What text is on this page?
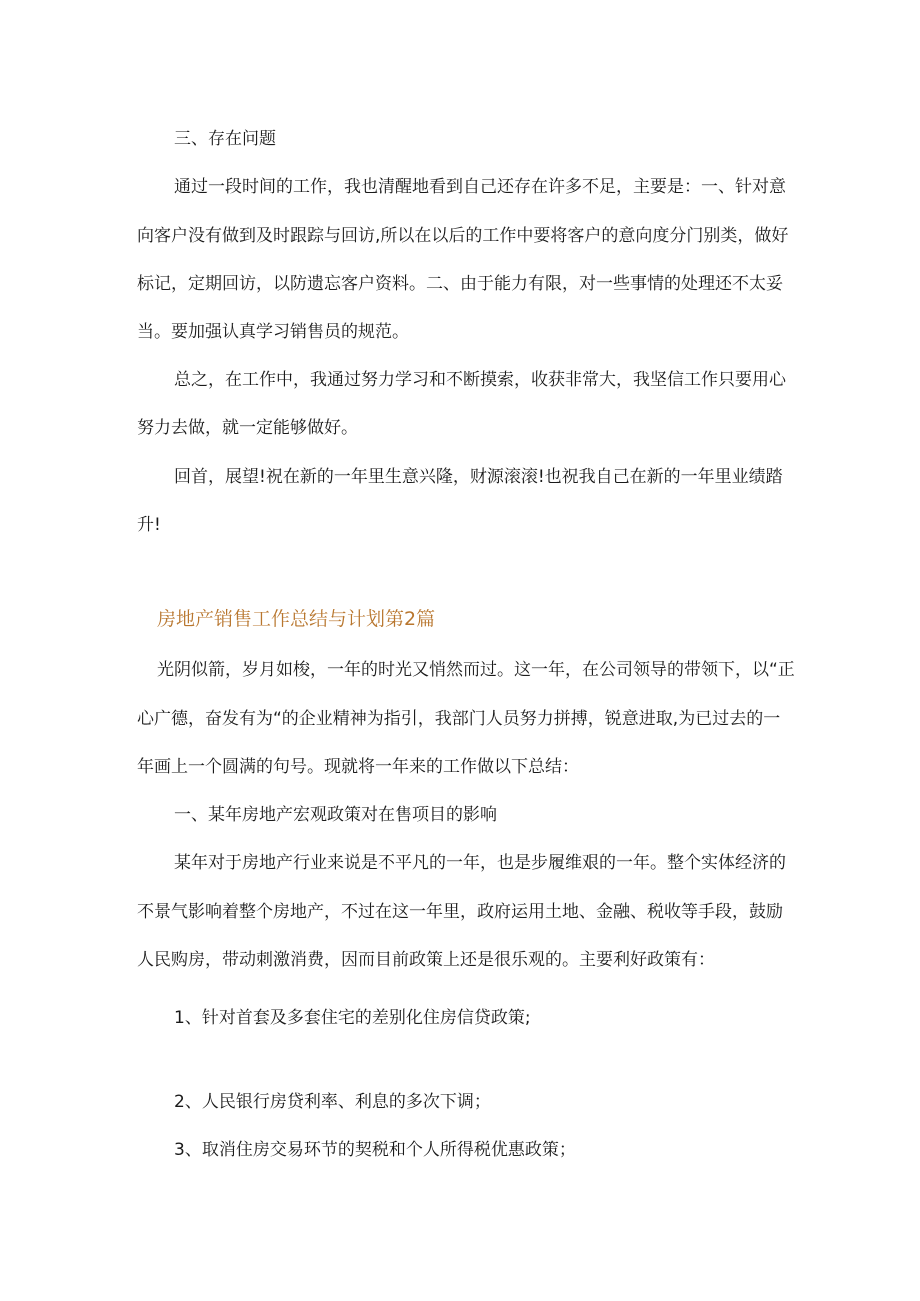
三、存在问题
通过一段时间的工作，我也清醒地看到自己还存在许多不足，主要是：一、针对意
向客户没有做到及时跟踪与回访,所以在以后的工作中要将客户的意向度分门别类，做好
标记，定期回访，以防遗忘客户资料。二、由于能力有限，对一些事情的处理还不太妥
当。要加强认真学习销售员的规范。
总之，在工作中，我通过努力学习和不断摸索，收获非常大，我坚信工作只要用心
努力去做，就一定能够做好。
回首，展望!祝在新的一年里生意兴隆，财源滚滚!也祝我自己在新的一年里业绩踏
升!
房地产销售工作总结与计划第2篇
光阴似箭，岁月如梭，一年的时光又悄然而过。这一年，在公司领导的带领下，以“正
心广德，奋发有为“的企业精神为指引，我部门人员努力拼搏，锐意进取,为已过去的一
年画上一个圆满的句号。现就将一年来的工作做以下总结：
一、某年房地产宏观政策对在售项目的影响
某年对于房地产行业来说是不平凡的一年，也是步履维艰的一年。整个实体经济的
不景气影响着整个房地产，不过在这一年里，政府运用土地、金融、税收等手段，鼓励
人民购房，带动刺激消费，因而目前政策上还是很乐观的。主要利好政策有：
1、针对首套及多套住宅的差别化住房信贷政策;
2、人民银行房贷利率、利息的多次下调；
3、取消住房交易环节的契税和个人所得税优惠政策；
